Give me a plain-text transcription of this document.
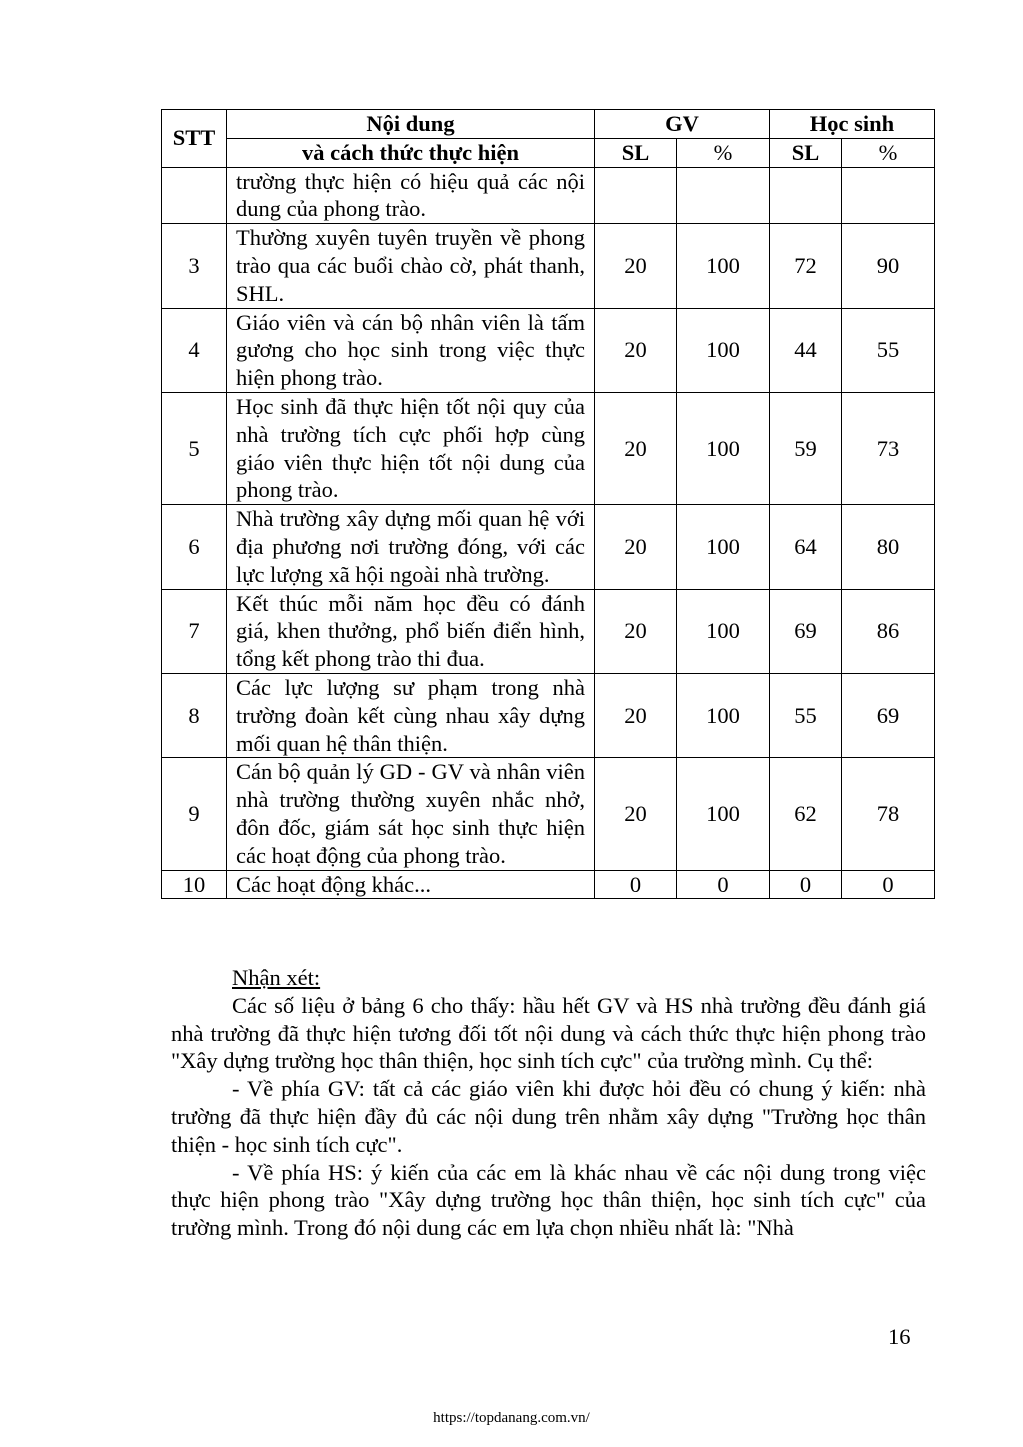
STT	Nội dung	GV		Học sinh	
	và cách thức thực hiện	SL	%	SL	%
	trường thực hiện có hiệu quả các nội dung của phong trào.				
3	Thường xuyên tuyên truyền về phong trào qua các buổi chào cờ, phát thanh, SHL.	20	100	72	90
4	Giáo viên và cán bộ nhân viên là tấm gương cho học sinh trong việc thực hiện phong trào.	20	100	44	55
5	Học sinh đã thực hiện tốt nội quy của nhà trường tích cực phối hợp cùng giáo viên thực hiện tốt nội dung của phong trào.	20	100	59	73
6	Nhà trường xây dựng mối quan hệ với địa phương nơi trường đóng, với các lực lượng xã hội ngoài nhà trường.	20	100	64	80
7	Kết thúc mỗi năm học đều có đánh giá, khen thưởng, phổ biến điển hình, tổng kết phong trào thi đua.	20	100	69	86
8	Các lực lượng sư phạm trong nhà trường đoàn kết cùng nhau xây dựng mối quan hệ thân thiện.	20	100	55	69
9	Cán bộ quản lý GD - GV và nhân viên nhà trường thường xuyên nhắc nhở, đôn đốc, giám sát học sinh thực hiện các hoạt động của phong trào.	20	100	62	78
10	Các hoạt động khác...	0	0	0	0

Nhận xét:

Các số liệu ở bảng 6 cho thấy: hầu hết GV và HS nhà trường đều đánh giá nhà trường đã thực hiện tương đối tốt nội dung và cách thức thực hiện phong trào "Xây dựng trường học thân thiện, học sinh tích cực" của trường mình. Cụ thể:

- Về phía GV: tất cả các giáo viên khi được hỏi đều có chung ý kiến: nhà trường đã thực hiện đầy đủ các nội dung trên nhằm xây dựng "Trường học thân thiện - học sinh tích cực".

- Về phía HS: ý kiến của các em là khác nhau về các nội dung trong việc thực hiện phong trào "Xây dựng trường học thân thiện, học sinh tích cực" của trường mình. Trong đó nội dung các em lựa chọn nhiều nhất là: "Nhà

16
https://topdanang.com.vn/
